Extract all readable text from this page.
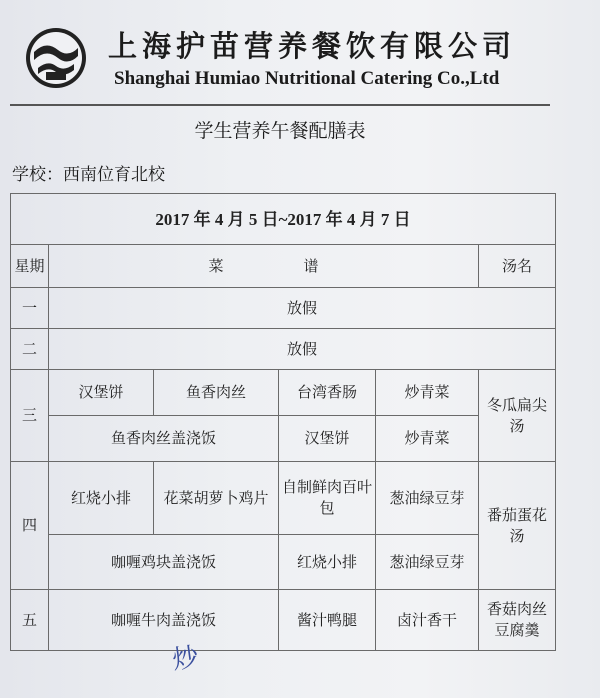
上海护苗营养餐饮有限公司
Shanghai Humiao Nutritional Catering Co.,Ltd
学生营养午餐配膳表
学校：西南位育北校
2017 年 4 月 5 日~2017 年 4 月 7 日					
星期	菜谱				汤名
一	放假				
二	放假				
三	汉堡饼	鱼香肉丝	台湾香肠	炒青菜	冬瓜扁尖汤
	鱼香肉丝盖浇饭		汉堡饼	炒青菜	
四	红烧小排	花菜胡萝卜鸡片	自制鲜肉百叶包	葱油绿豆芽	番茄蛋花汤
	咖喱鸡块盖浇饭		红烧小排	葱油绿豆芽	
五	咖喱牛肉盖浇饭		酱汁鸭腿	卤汁香干	香菇肉丝豆腐羹
炒
